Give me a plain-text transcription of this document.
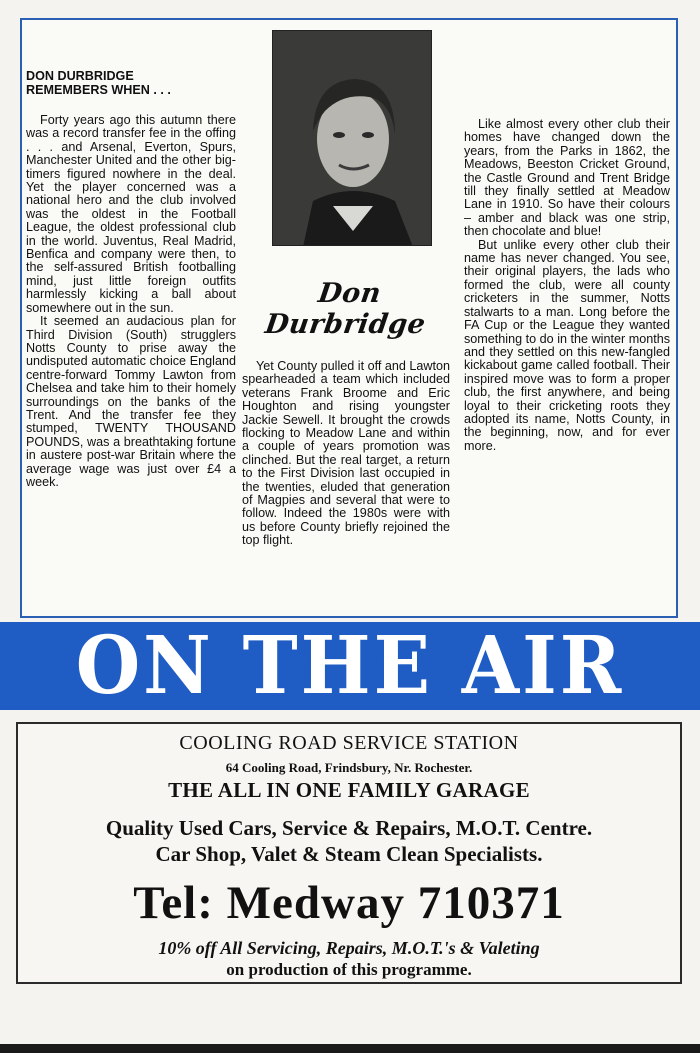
DON DURBRIDGE
REMEMBERS WHEN . . .

Forty years ago this autumn there was a record transfer fee in the offing . . . and Arsenal, Everton, Spurs, Manchester United and the other big-timers figured nowhere in the deal. Yet the player concerned was a national hero and the club involved was the oldest in the Football League, the oldest professional club in the world. Juventus, Real Madrid, Benfica and company were then, to the self-assured British footballing mind, just little foreign outfits harmlessly kicking a ball about somewhere out in the sun.

It seemed an audacious plan for Third Division (South) strugglers Notts County to prise away the undisputed automatic choice England centre-forward Tommy Lawton from Chelsea and take him to their homely surroundings on the banks of the Trent. And the transfer fee they stumped, TWENTY THOUSAND POUNDS, was a breathtaking fortune in austere post-war Britain where the average wage was just over £4 a week.

Don Durbridge

Yet County pulled it off and Lawton spearheaded a team which included veterans Frank Broome and Eric Houghton and rising youngster Jackie Sewell. It brought the crowds flocking to Meadow Lane and within a couple of years promotion was clinched. But the real target, a return to the First Division last occupied in the twenties, eluded that generation of Magpies and several that were to follow. Indeed the 1980s were with us before County briefly rejoined the top flight.

Like almost every other club their homes have changed down the years, from the Parks in 1862, the Meadows, Beeston Cricket Ground, the Castle Ground and Trent Bridge till they finally settled at Meadow Lane in 1910. So have their colours – amber and black was one strip, then chocolate and blue!

But unlike every other club their name has never changed. You see, their original players, the lads who formed the club, were all county cricketers in the summer, Notts stalwarts to a man. Long before the FA Cup or the League they wanted something to do in the winter months and they settled on this new-fangled kickabout game called football. Their inspired move was to form a proper club, the first anywhere, and being loyal to their cricketing roots they adopted its name, Notts County, in the beginning, now, and for ever more.

ON THE AIR
COOLING ROAD SERVICE STATION
64 Cooling Road, Frindsbury, Nr. Rochester.
THE ALL IN ONE FAMILY GARAGE
Quality Used Cars, Service & Repairs, M.O.T. Centre.
Car Shop, Valet & Steam Clean Specialists.
Tel: Medway 710371
10% off All Servicing, Repairs, M.O.T.'s & Valeting
on production of this programme.
